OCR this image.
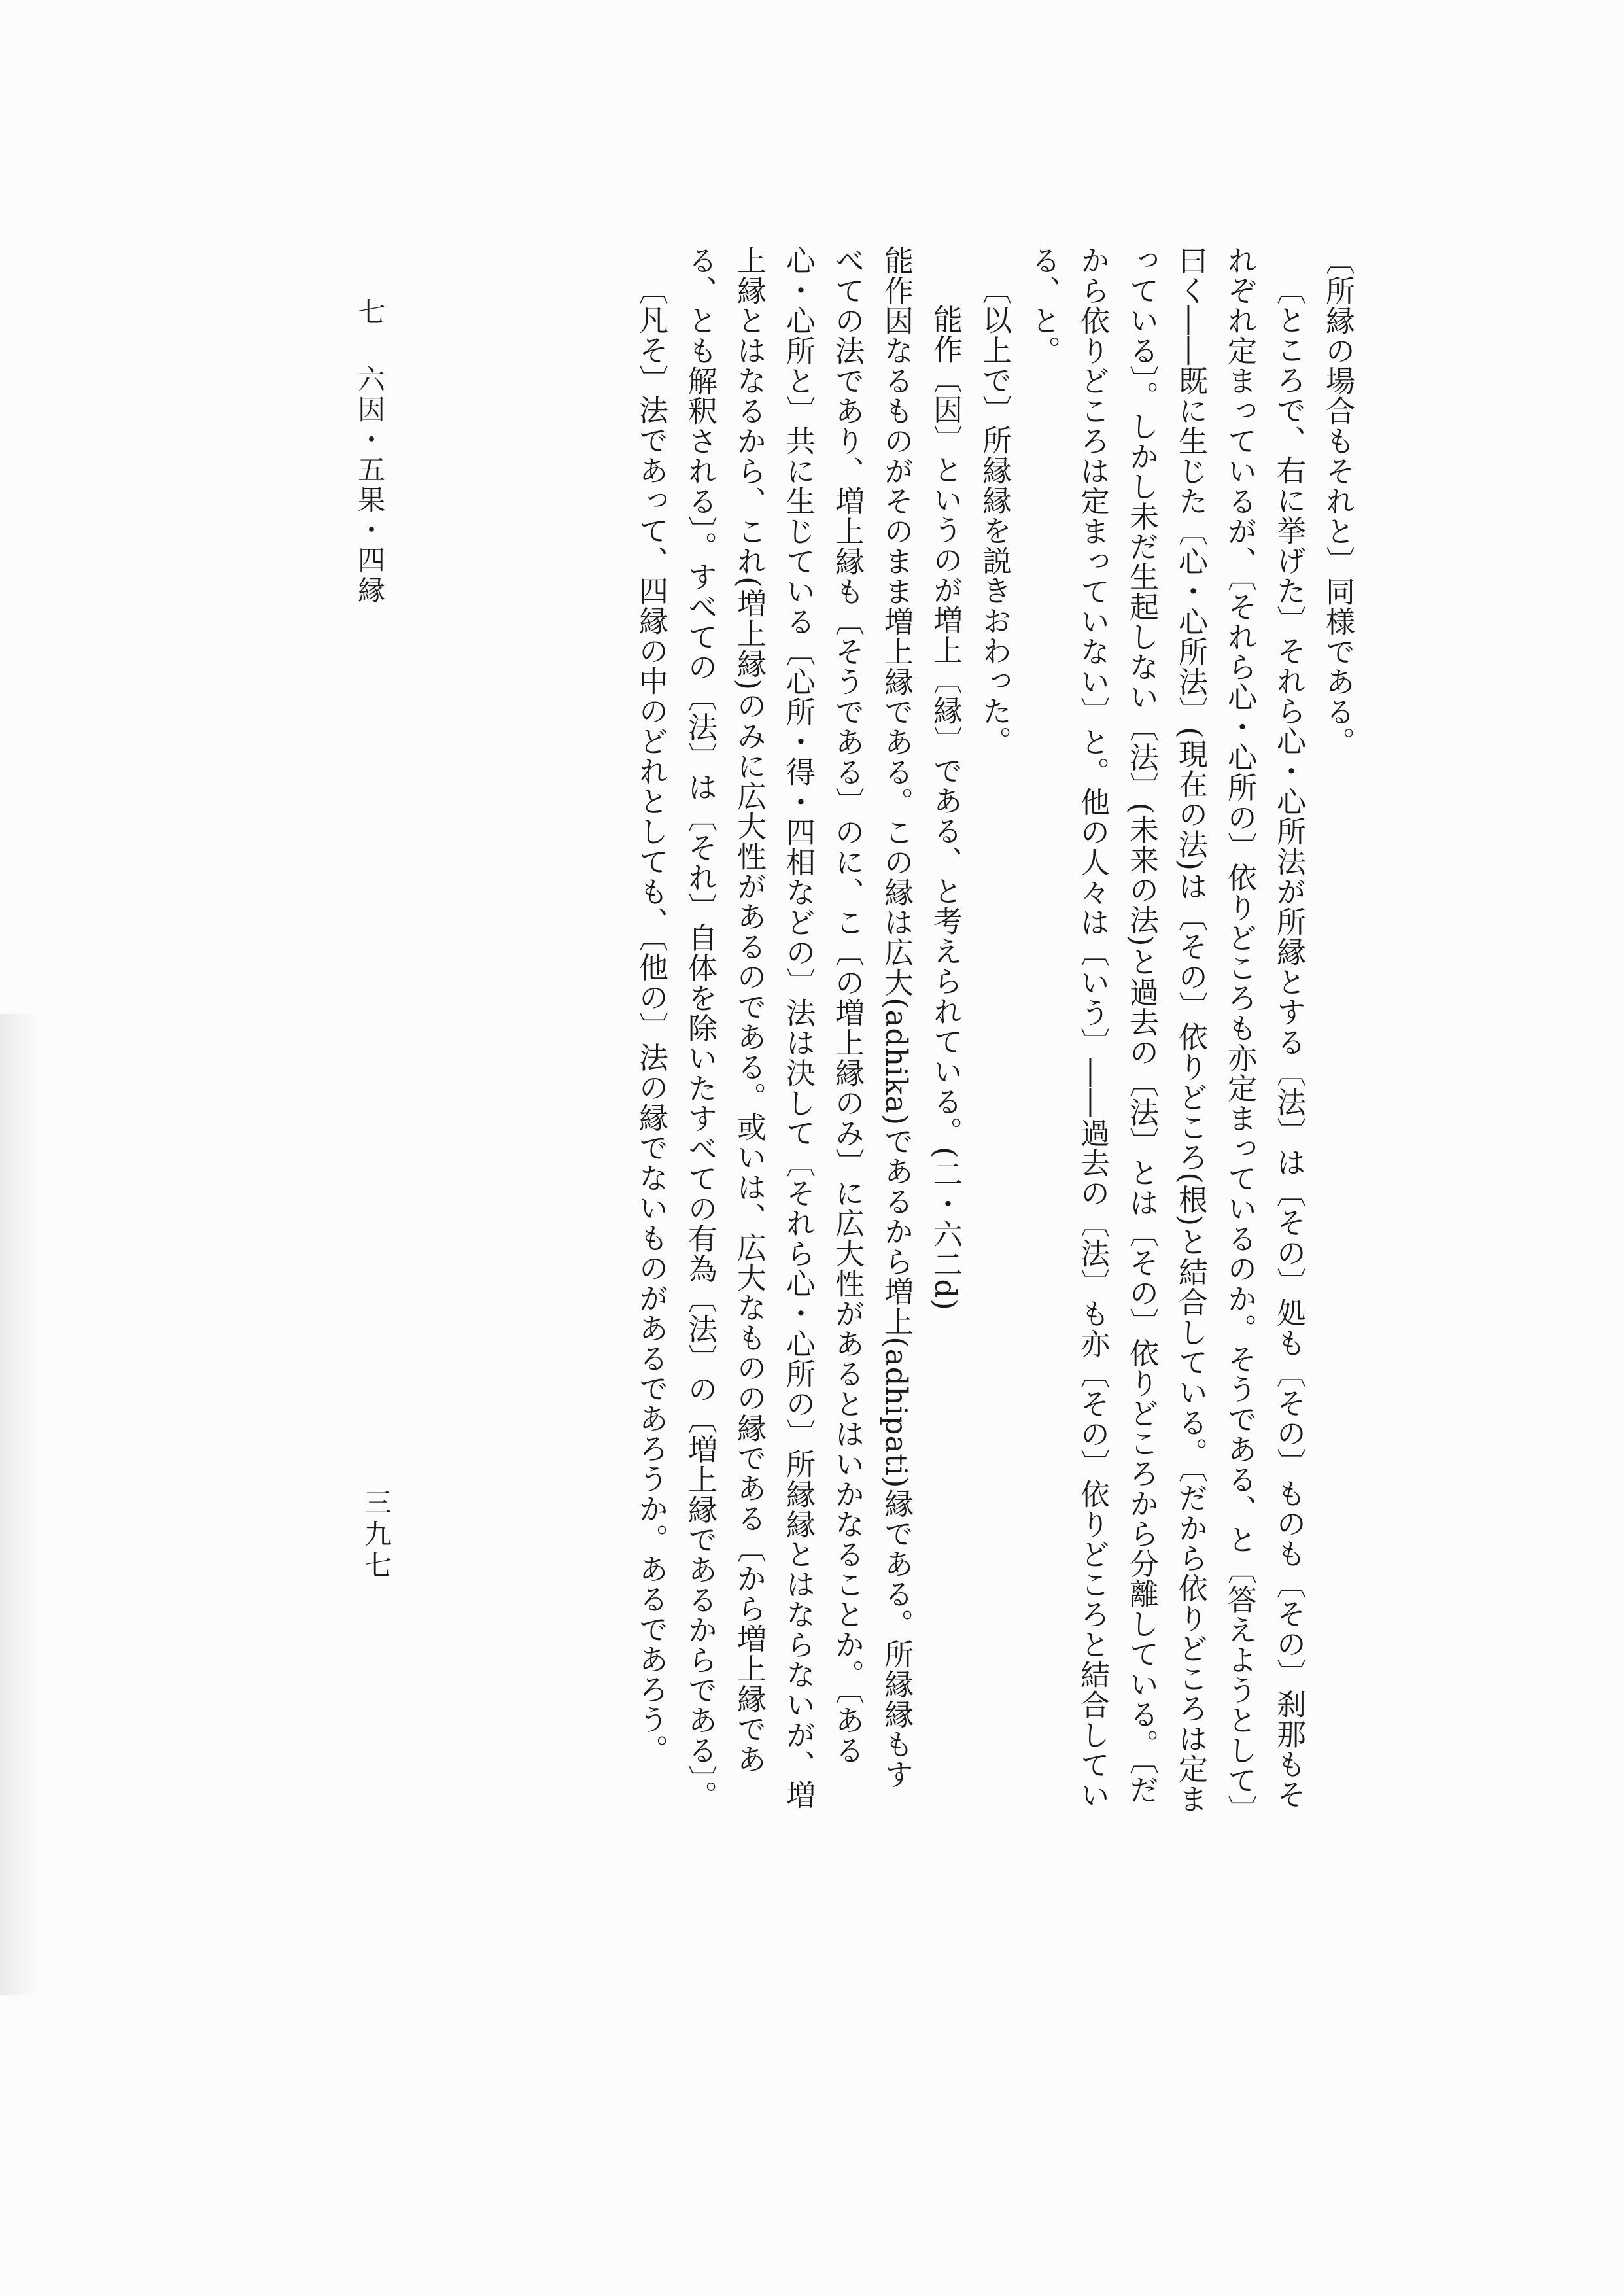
〔所縁の場合もそれと〕同様である。

〔ところで、右に挙げた〕それら心・心所法が所縁とする〔法〕は〔その〕処も〔その〕ものも〔その〕刹那もそれぞれ定まっているが、〔それら心・心所の〕依りどころも亦定まっているのか。そうである、と〔答えようとして〕曰く――既に生じた〔心・心所法〕(現在の法)は〔その〕依りどころ(根)と結合している。〔だから依りどころは定まっている〕。しかし未だ生起しない〔法〕(未来の法)と過去の〔法〕とは〔その〕依りどころから分離している。〔だから依りどころは定まっていない〕と。他の人々は〔いう〕――過去の〔法〕も亦〔その〕依りどころと結合している、と。

〔以上で〕所縁縁を説きおわった。

能作〔因〕というのが増上〔縁〕である、と考えられている。(二・六二d)

能作因なるものがそのまま増上縁である。この縁は広大(adhika)であるから増上(adhipati)縁である。所縁縁もすべての法であり、増上縁も〔そうである〕のに、こ〔の増上縁のみ〕に広大性があるとはいかなることか。〔ある心・心所と〕共に生じている〔心所・得・四相などの〕法は決して〔それら心・心所の〕所縁縁とはならないが、増上縁とはなるから、これ(増上縁)のみに広大性があるのである。或いは、広大なものの縁である〔から増上縁である、とも解釈される〕。すべての〔法〕は〔それ〕自体を除いたすべての有為〔法〕の〔増上縁であるからである〕。

〔凡そ〕法であって、四縁の中のどれとしても、〔他の〕法の縁でないものがあるであろうか。あるであろう。

七 六因・五果・四縁
三九七
